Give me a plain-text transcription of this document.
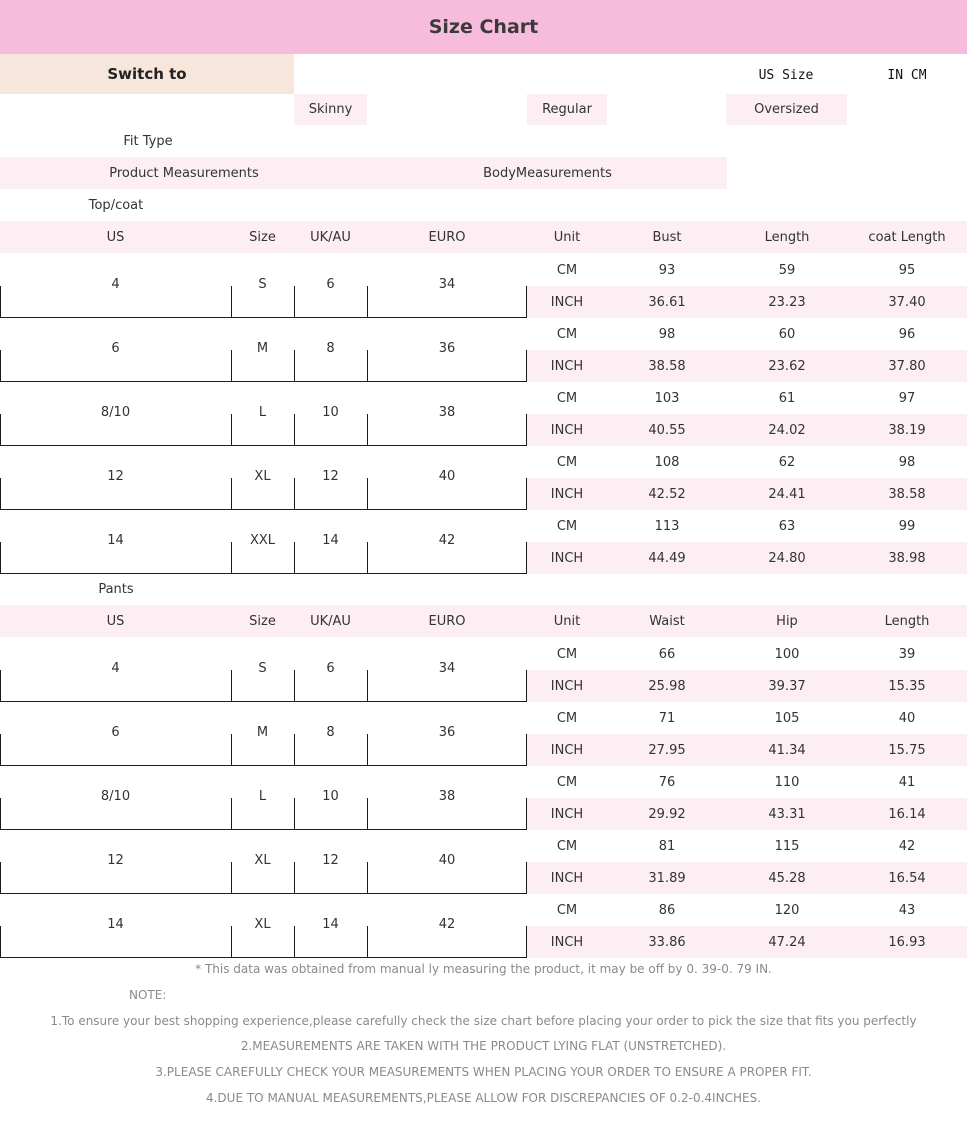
Size Chart
Switch to	US Size	IN CM
Skinny	Regular	Oversized
Fit Type
Product Measurements	BodyMeasurements
Top/coat
US	Size	UK/AU	EURO	Unit	Bust	Length	coat Length
4	S	6	34
CM	93	59	95
INCH	36.61	23.23	37.40
6	M	8	36
CM	98	60	96
INCH	38.58	23.62	37.80
8/10	L	10	38
CM	103	61	97
INCH	40.55	24.02	38.19
12	XL	12	40
CM	108	62	98
INCH	42.52	24.41	38.58
14	XXL	14	42
CM	113	63	99
INCH	44.49	24.80	38.98
Pants
US	Size	UK/AU	EURO	Unit	Waist	Hip	Length
4	S	6	34
CM	66	100	39
INCH	25.98	39.37	15.35
6	M	8	36
CM	71	105	40
INCH	27.95	41.34	15.75
8/10	L	10	38
CM	76	110	41
INCH	29.92	43.31	16.14
12	XL	12	40
CM	81	115	42
INCH	31.89	45.28	16.54
14	XL	14	42
CM	86	120	43
INCH	33.86	47.24	16.93
* This data was obtained from manual ly measuring the product, it may be off by 0. 39-0. 79 IN.
NOTE:
1.To ensure your best shopping experience,please carefully check the size chart before placing your order to pick the size that fits you perfectly
2.MEASUREMENTS ARE TAKEN WITH THE PRODUCT LYING FLAT (UNSTRETCHED).
3.PLEASE CAREFULLY CHECK YOUR MEASUREMENTS WHEN PLACING YOUR ORDER TO ENSURE A PROPER FIT.
4.DUE TO MANUAL MEASUREMENTS,PLEASE ALLOW FOR DISCREPANCIES OF 0.2-0.4INCHES.
